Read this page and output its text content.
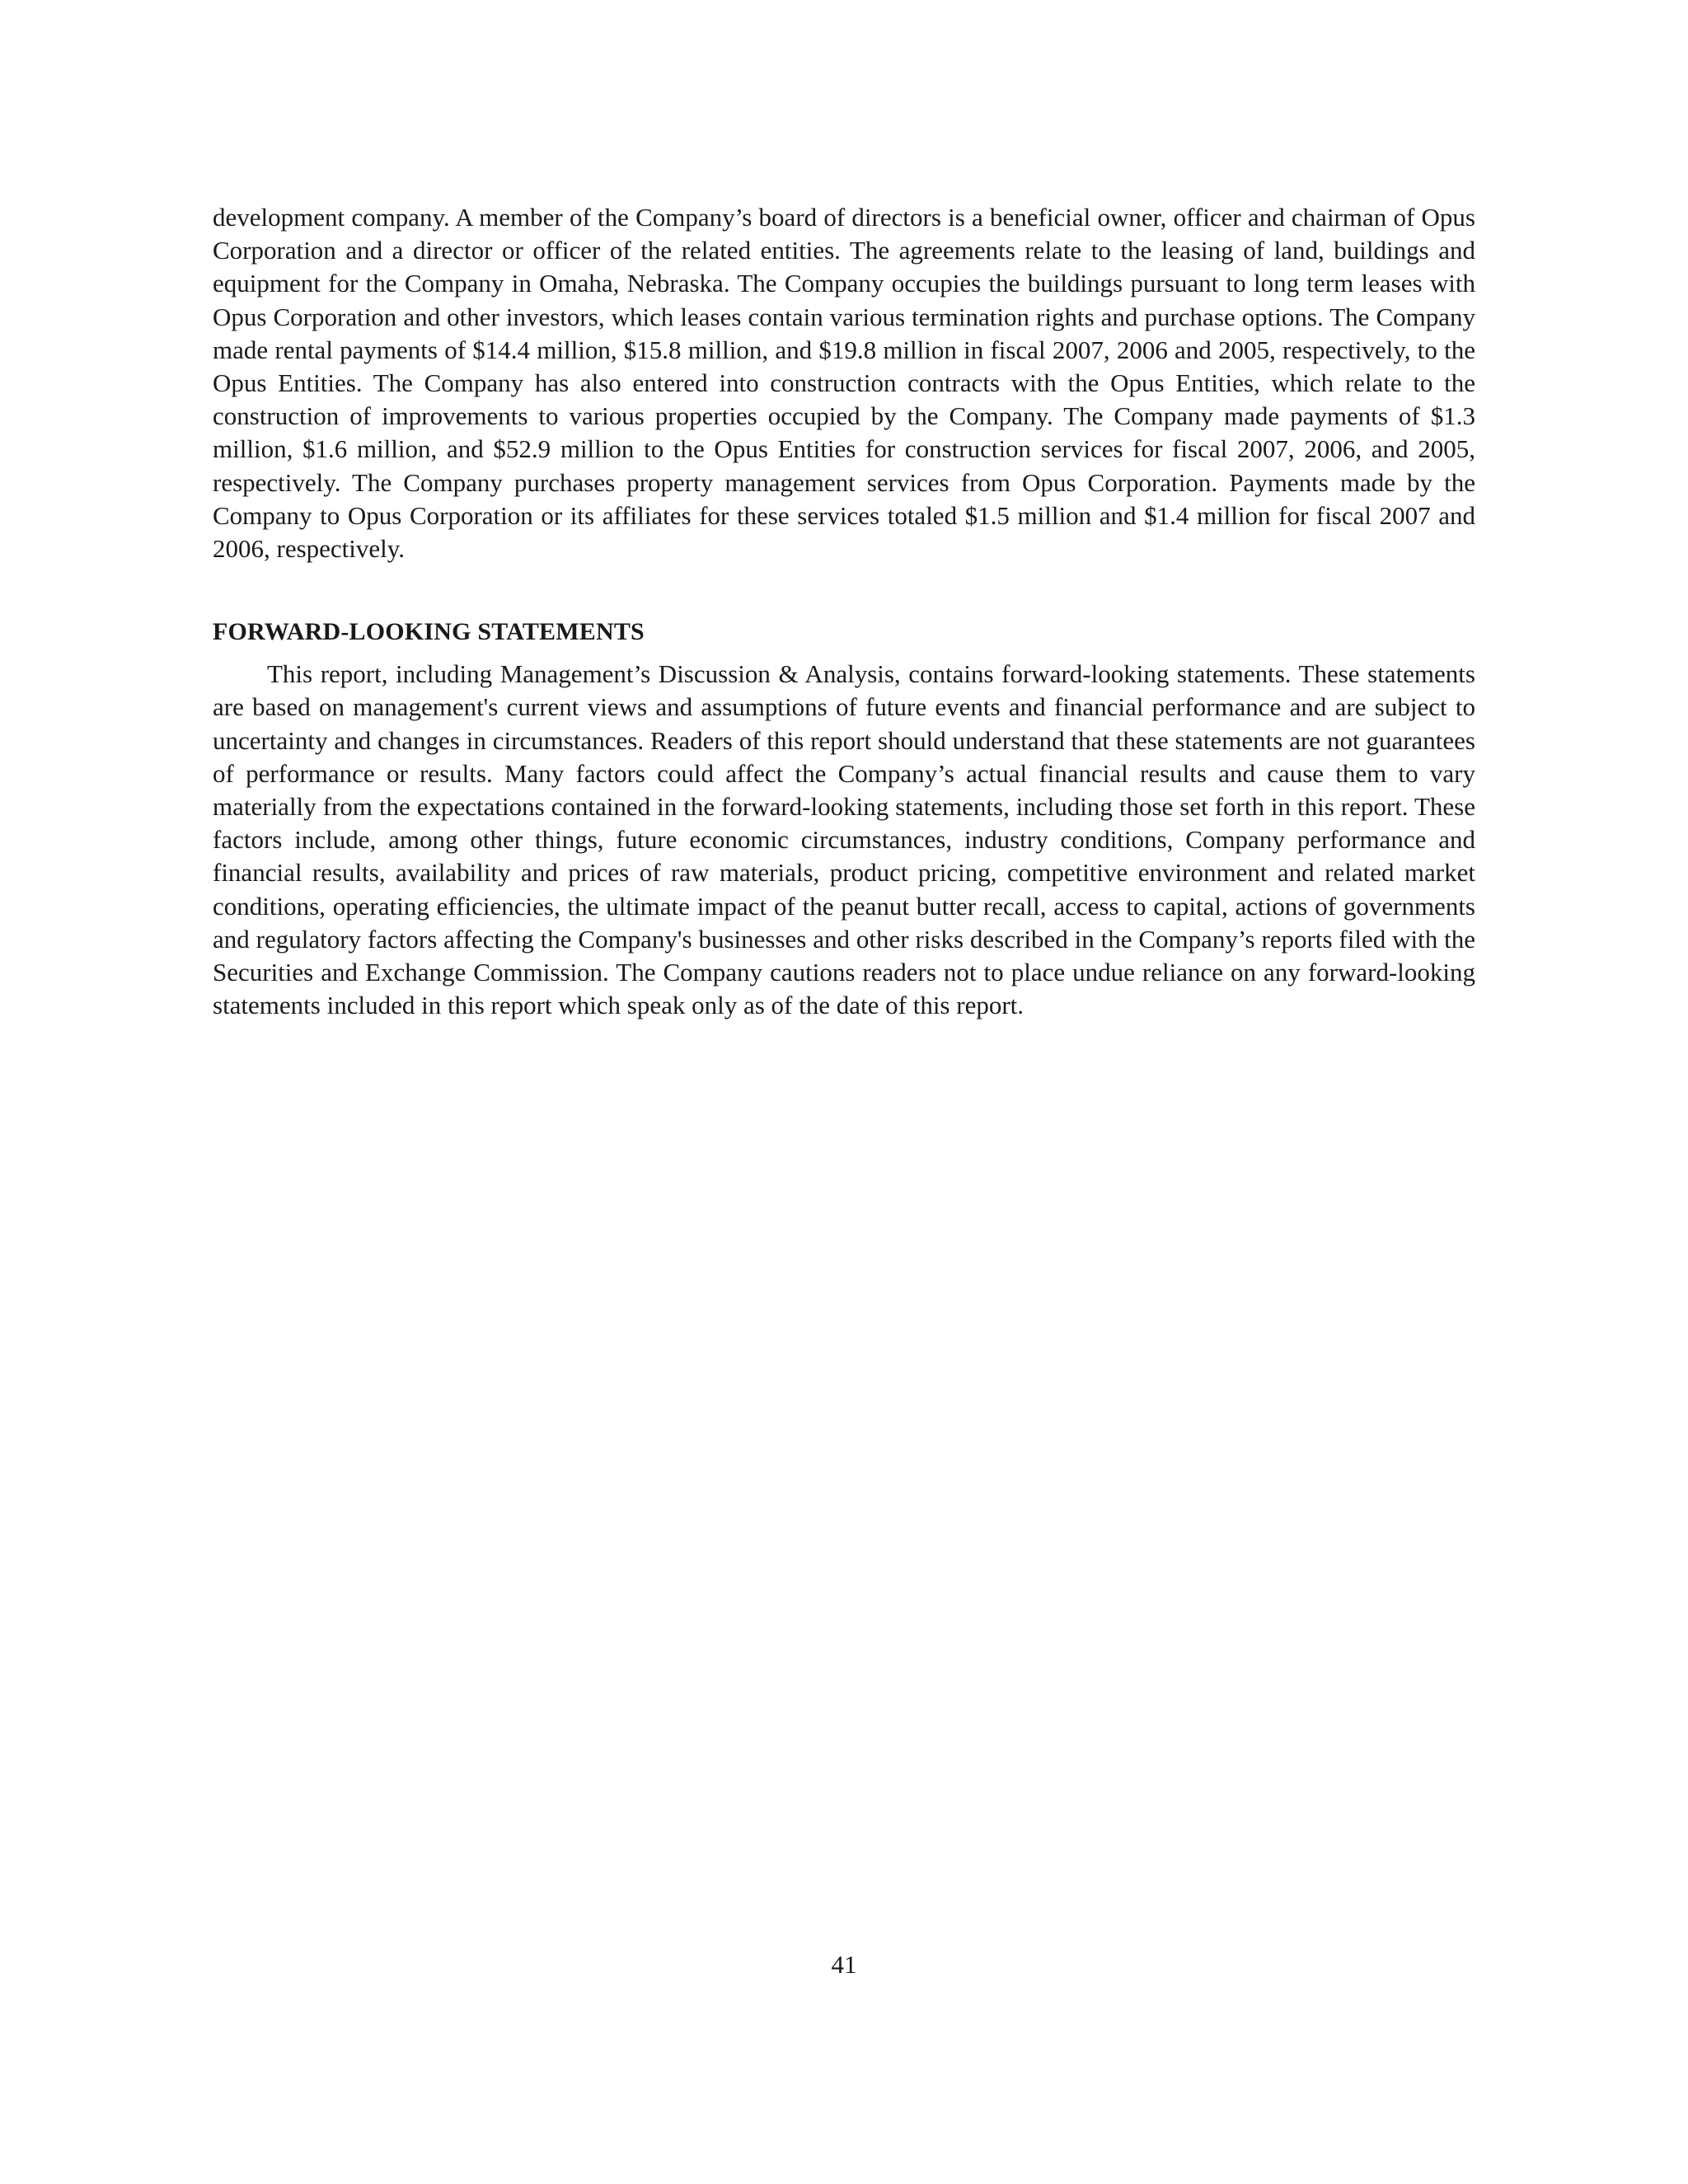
development company. A member of the Company’s board of directors is a beneficial owner, officer and chairman of Opus Corporation and a director or officer of the related entities. The agreements relate to the leasing of land, buildings and equipment for the Company in Omaha, Nebraska. The Company occupies the buildings pursuant to long term leases with Opus Corporation and other investors, which leases contain various termination rights and purchase options. The Company made rental payments of $14.4 million, $15.8 million, and $19.8 million in fiscal 2007, 2006 and 2005, respectively, to the Opus Entities. The Company has also entered into construction contracts with the Opus Entities, which relate to the construction of improvements to various properties occupied by the Company. The Company made payments of $1.3 million, $1.6 million, and $52.9 million to the Opus Entities for construction services for fiscal 2007, 2006, and 2005, respectively. The Company purchases property management services from Opus Corporation. Payments made by the Company to Opus Corporation or its affiliates for these services totaled $1.5 million and $1.4 million for fiscal 2007 and 2006, respectively.

FORWARD-LOOKING STATEMENTS

This report, including Management’s Discussion & Analysis, contains forward-looking statements. These statements are based on management's current views and assumptions of future events and financial performance and are subject to uncertainty and changes in circumstances. Readers of this report should understand that these statements are not guarantees of performance or results. Many factors could affect the Company’s actual financial results and cause them to vary materially from the expectations contained in the forward-looking statements, including those set forth in this report. These factors include, among other things, future economic circumstances, industry conditions, Company performance and financial results, availability and prices of raw materials, product pricing, competitive environment and related market conditions, operating efficiencies, the ultimate impact of the peanut butter recall, access to capital, actions of governments and regulatory factors affecting the Company's businesses and other risks described in the Company’s reports filed with the Securities and Exchange Commission. The Company cautions readers not to place undue reliance on any forward-looking statements included in this report which speak only as of the date of this report.

41
